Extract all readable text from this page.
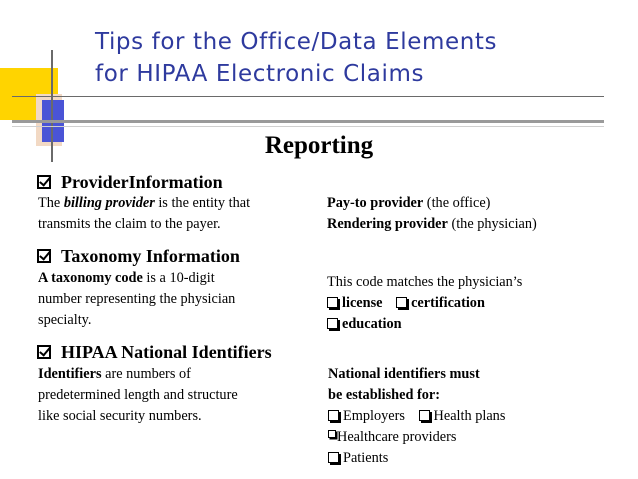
Tips for the Office/Data Elements
for HIPAA Electronic Claims
Reporting
ProviderInformation
The billing provider is the entity that
transmits the claim to the payer.
Pay-to provider (the office)
Rendering provider (the physician)
Taxonomy Information
A taxonomy code is a 10-digit
number representing the physician
specialty.
This code matches the physician’s
license certification
education
HIPAA National Identifiers
Identifiers are numbers of
predetermined length and structure
like social security numbers.
National identifiers must
be established for:
Employers Health plans
Healthcare providers
Patients
